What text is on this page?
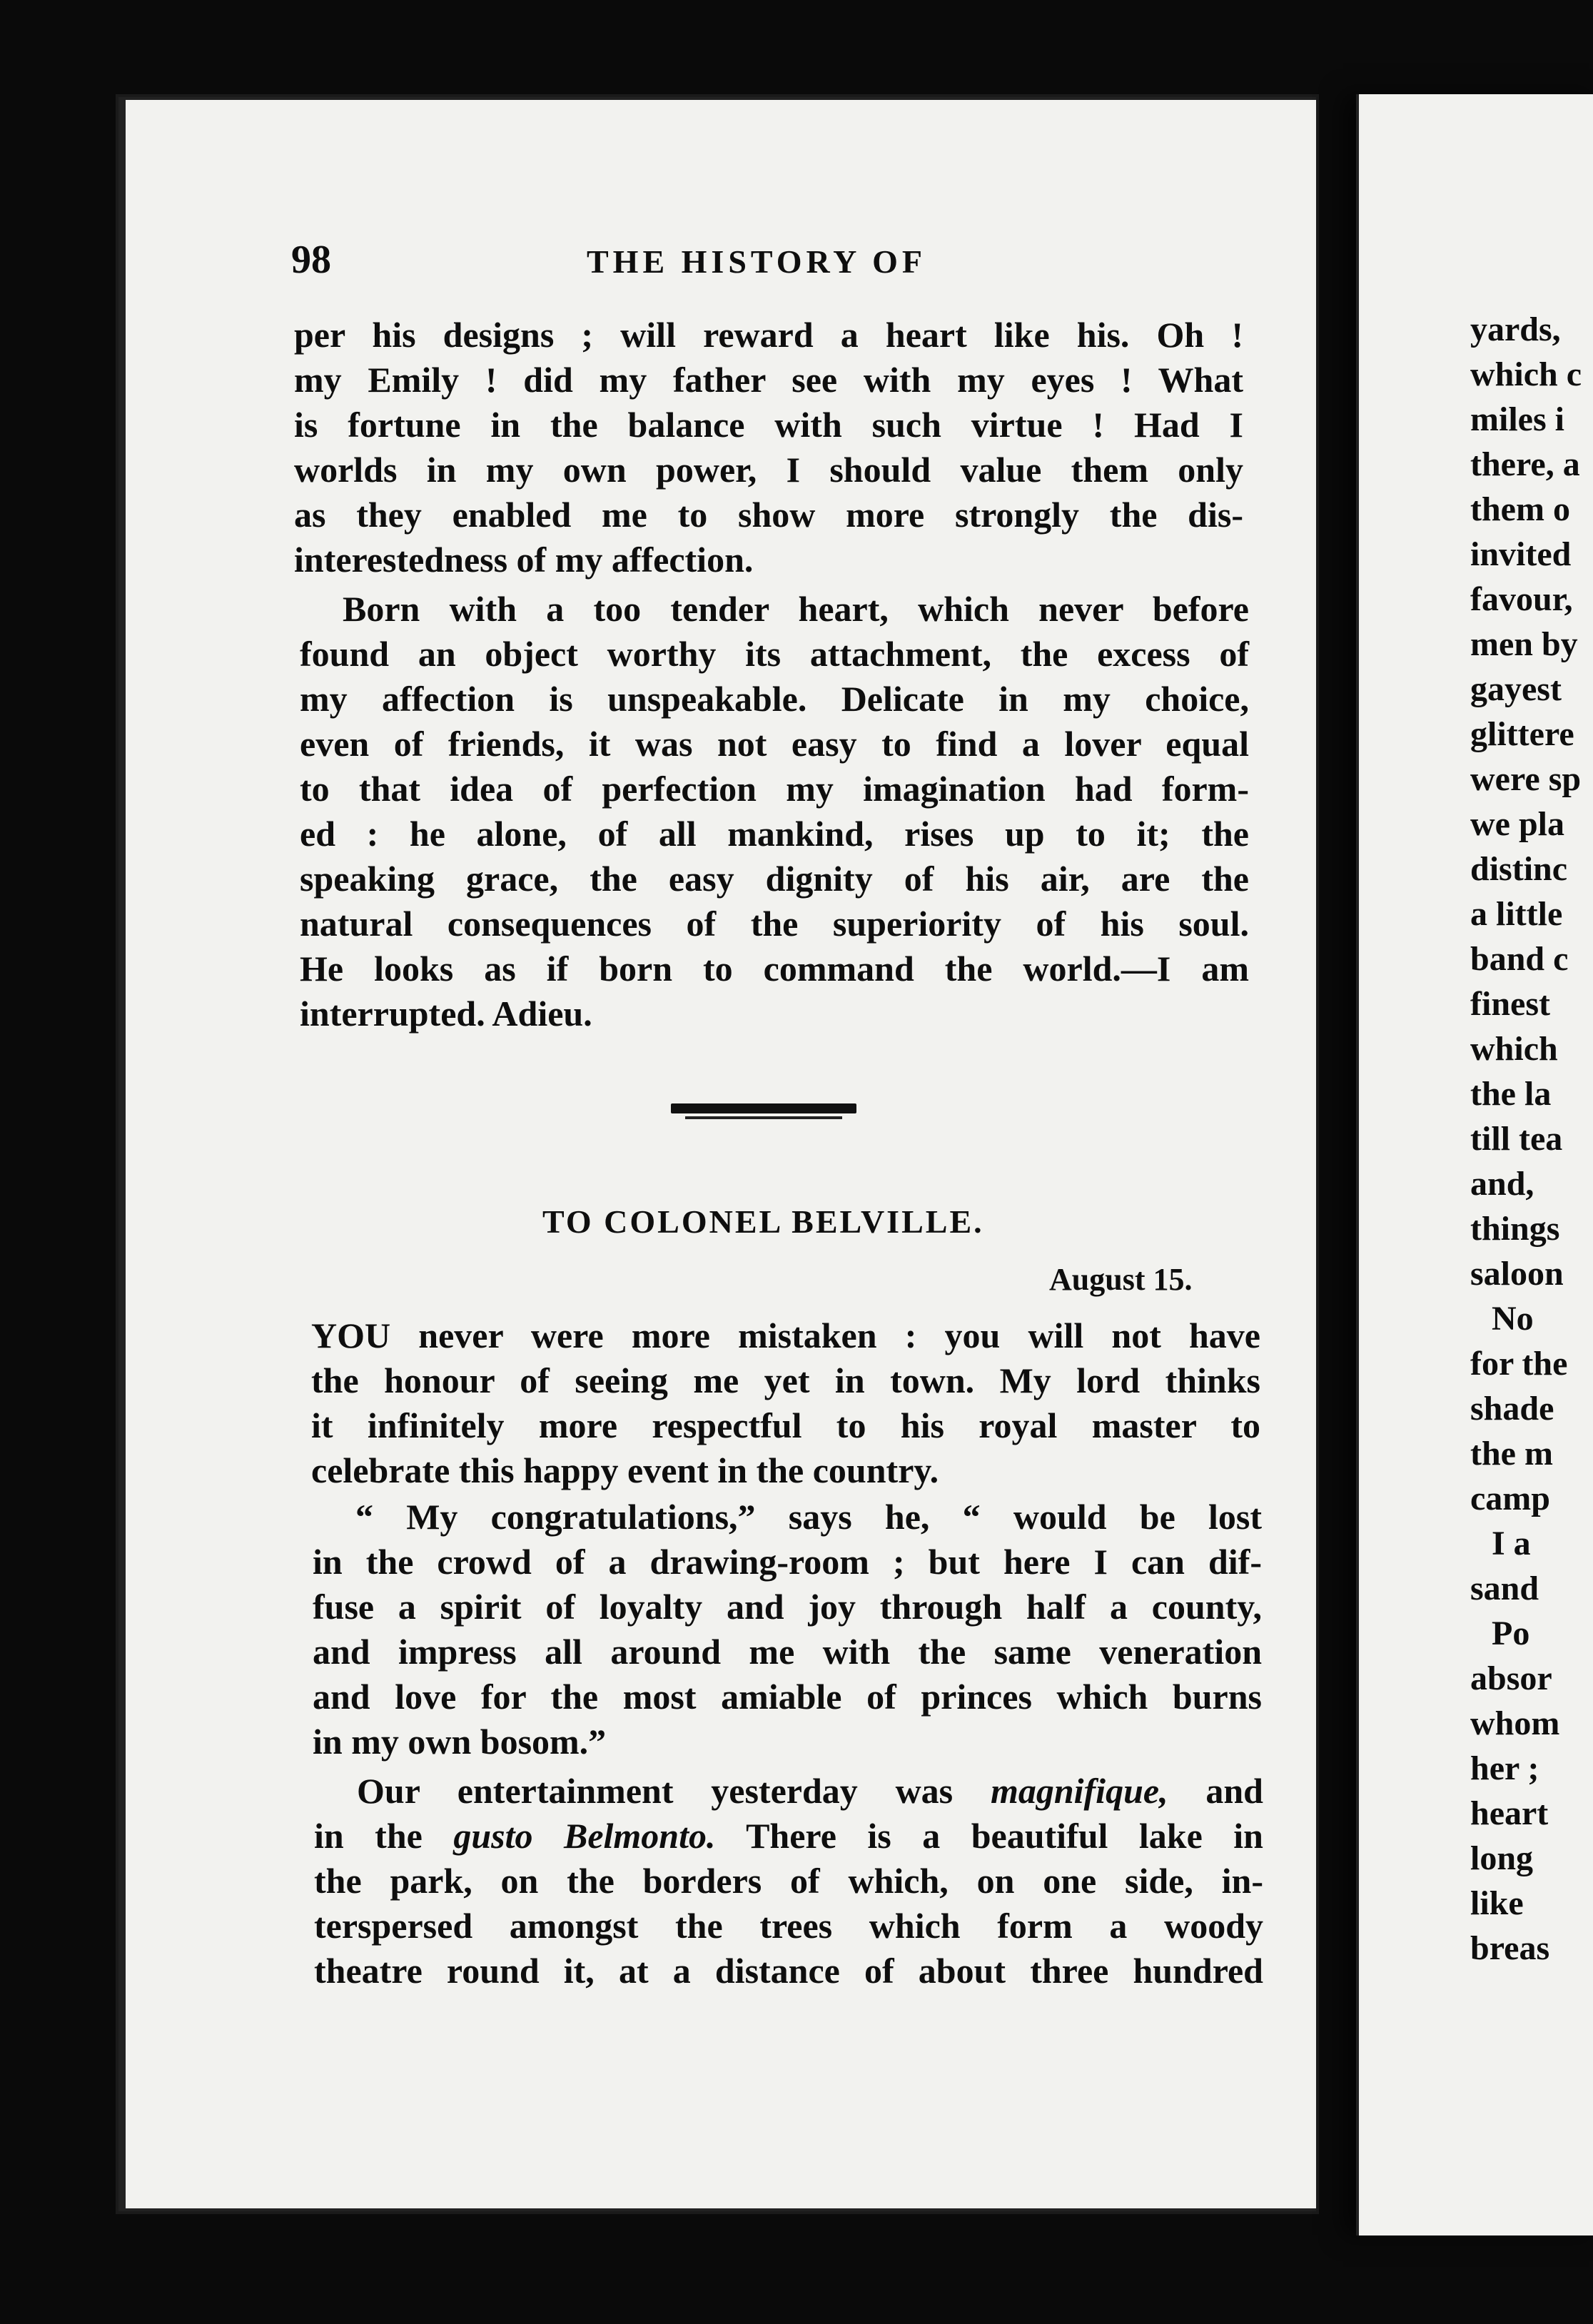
98	THE HISTORY OF
per his designs ; will reward a heart like his. Oh !
my Emily ! did my father see with my eyes ! What
is fortune in the balance with such virtue ! Had I
worlds in my own power, I should value them only
as they enabled me to show more strongly the dis-
interestedness of my affection.
Born with a too tender heart, which never before
found an object worthy its attachment, the excess of
my affection is unspeakable. Delicate in my choice,
even of friends, it was not easy to find a lover equal
to that idea of perfection my imagination had form-
ed : he alone, of all mankind, rises up to it; the
speaking grace, the easy dignity of his air, are the
natural consequences of the superiority of his soul.
He looks as if born to command the world.—I am
interrupted. Adieu.
TO COLONEL BELVILLE.
August 15.
YOU never were more mistaken : you will not have
the honour of seeing me yet in town. My lord thinks
it infinitely more respectful to his royal master to
celebrate this happy event in the country.
“ My congratulations,” says he, “ would be lost
in the crowd of a drawing-room ; but here I can dif-
fuse a spirit of loyalty and joy through half a county,
and impress all around me with the same veneration
and love for the most amiable of princes which burns
in my own bosom.”
Our entertainment yesterday was magnifique, and
in the gusto Belmonto. There is a beautiful lake in
the park, on the borders of which, on one side, in-
terspersed amongst the trees which form a woody
theatre round it, at a distance of about three hundred
yards,
which c
miles i
there, a
them o
invited
favour,
men by
gayest
glittere
were sp
we pla
distinc
a little
band c
finest
which
the la
till tea
and,
things
saloon
No
for the
shade
the m
camp
I a
sand
Po
absor
whom
her ;
heart
long
like
breas
